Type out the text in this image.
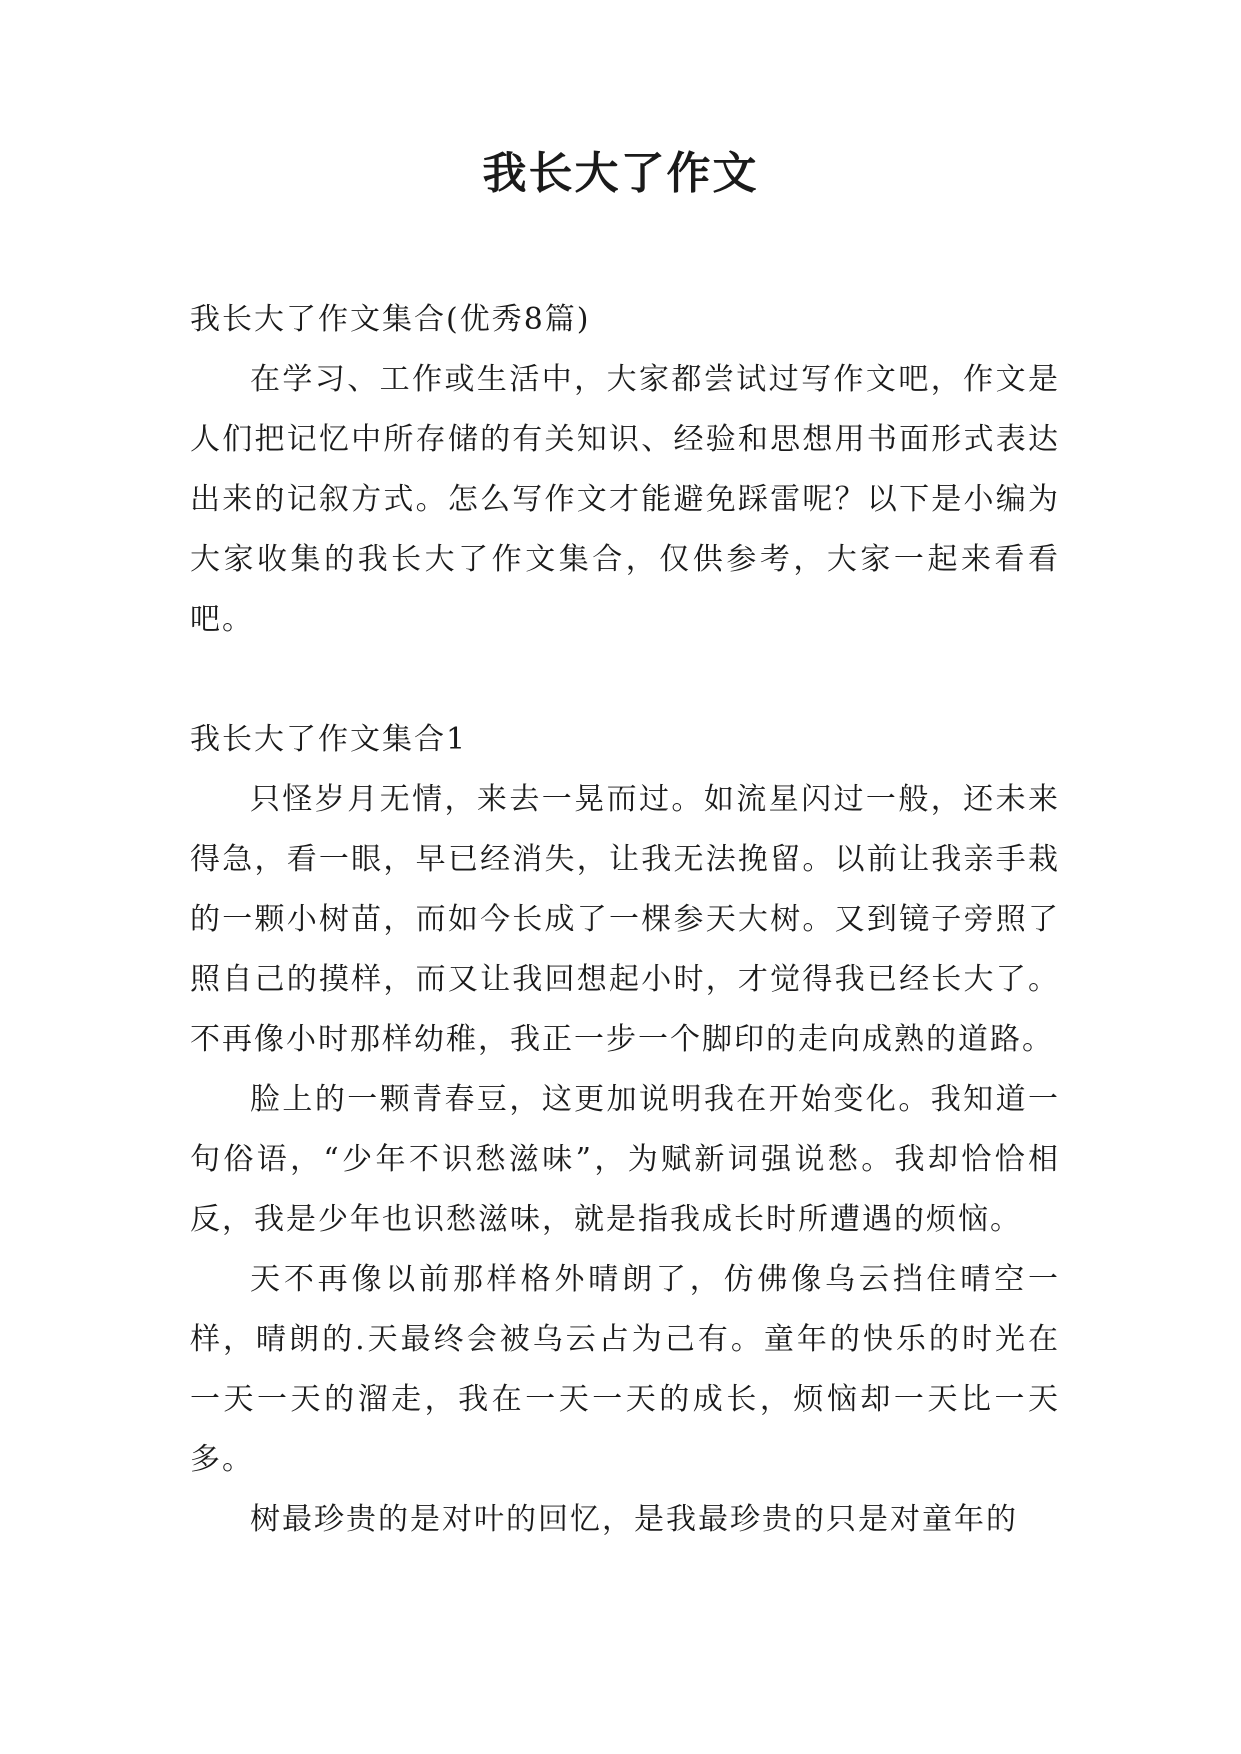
我长大了作文

我长大了作文集合(优秀8篇)

在学习、工作或生活中，大家都尝试过写作文吧，作文是人们把记忆中所存储的有关知识、经验和思想用书面形式表达出来的记叙方式。怎么写作文才能避免踩雷呢？以下是小编为大家收集的我长大了作文集合，仅供参考，大家一起来看看吧。

我长大了作文集合1

只怪岁月无情，来去一晃而过。如流星闪过一般，还未来得急，看一眼，早已经消失，让我无法挽留。以前让我亲手栽的一颗小树苗，而如今长成了一棵参天大树。又到镜子旁照了照自己的摸样，而又让我回想起小时，才觉得我已经长大了。不再像小时那样幼稚，我正一步一个脚印的走向成熟的道路。

脸上的一颗青春豆，这更加说明我在开始变化。我知道一句俗语，“少年不识愁滋味”，为赋新词强说愁。我却恰恰相反，我是少年也识愁滋味，就是指我成长时所遭遇的烦恼。

天不再像以前那样格外晴朗了，仿佛像乌云挡住晴空一样，晴朗的.天最终会被乌云占为己有。童年的快乐的时光在一天一天的溜走，我在一天一天的成长，烦恼却一天比一天多。

树最珍贵的是对叶的回忆，是我最珍贵的只是对童年的
